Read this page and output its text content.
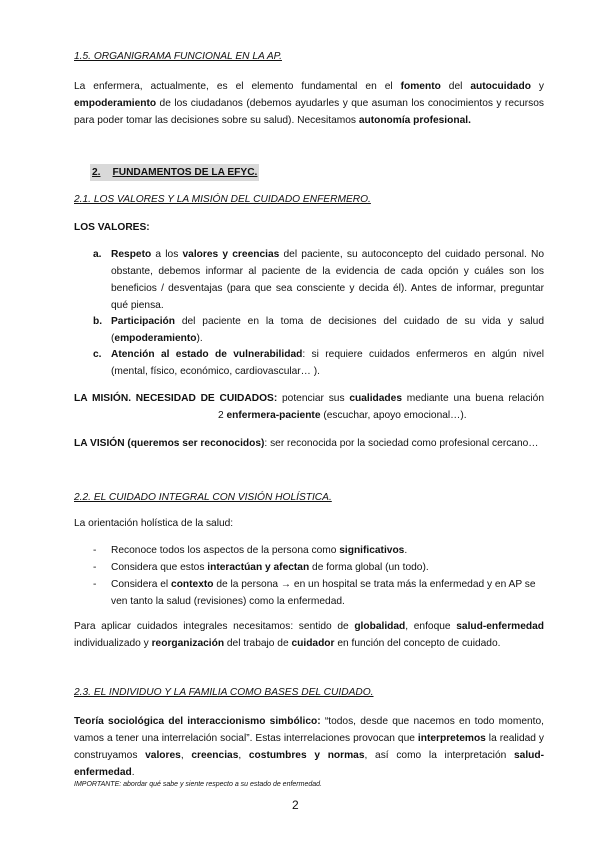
1.5. ORGANIGRAMA FUNCIONAL EN LA AP.
La enfermera, actualmente, es el elemento fundamental en el fomento del autocuidado y empoderamiento de los ciudadanos (debemos ayudarles y que asuman los conocimientos y recursos para poder tomar las decisiones sobre su salud). Necesitamos autonomía profesional.
2. FUNDAMENTOS DE LA EFYC.
2.1. LOS VALORES Y LA MISIÓN DEL CUIDADO ENFERMERO.
LOS VALORES:
a. Respeto a los valores y creencias del paciente, su autoconcepto del cuidado personal. No obstante, debemos informar al paciente de la evidencia de cada opción y cuáles son los beneficios / desventajas (para que sea consciente y decida él). Antes de informar, preguntar qué piensa.
b. Participación del paciente en la toma de decisiones del cuidado de su vida y salud (empoderamiento).
c. Atención al estado de vulnerabilidad: si requiere cuidados enfermeros en algún nivel (mental, físico, económico, cardiovascular… ).
LA MISIÓN. NECESIDAD DE CUIDADOS: potenciar sus cualidades mediante una buena relación
2 enfermera-paciente (escuchar, apoyo emocional…).
LA VISIÓN (queremos ser reconocidos): ser reconocida por la sociedad como profesional cercano…
2.2. EL CUIDADO INTEGRAL CON VISIÓN HOLÍSTICA.
La orientación holística de la salud:
- Reconoce todos los aspectos de la persona como significativos.
- Considera que estos interactúan y afectan de forma global (un todo).
- Considera el contexto de la persona → en un hospital se trata más la enfermedad y en AP se ven tanto la salud (revisiones) como la enfermedad.
Para aplicar cuidados integrales necesitamos: sentido de globalidad, enfoque salud-enfermedad individualizado y reorganización del trabajo de cuidador en función del concepto de cuidado.
2.3. EL INDIVIDUO Y LA FAMILIA COMO BASES DEL CUIDADO.
Teoría sociológica del interaccionismo simbólico: “todos, desde que nacemos en todo momento, vamos a tener una interrelación social”. Estas interrelaciones provocan que interpretemos la realidad y construyamos valores, creencias, costumbres y normas, así como la interpretación salud-enfermedad.
IMPORTANTE: abordar qué sabe y siente respecto a su estado de enfermedad.
2
